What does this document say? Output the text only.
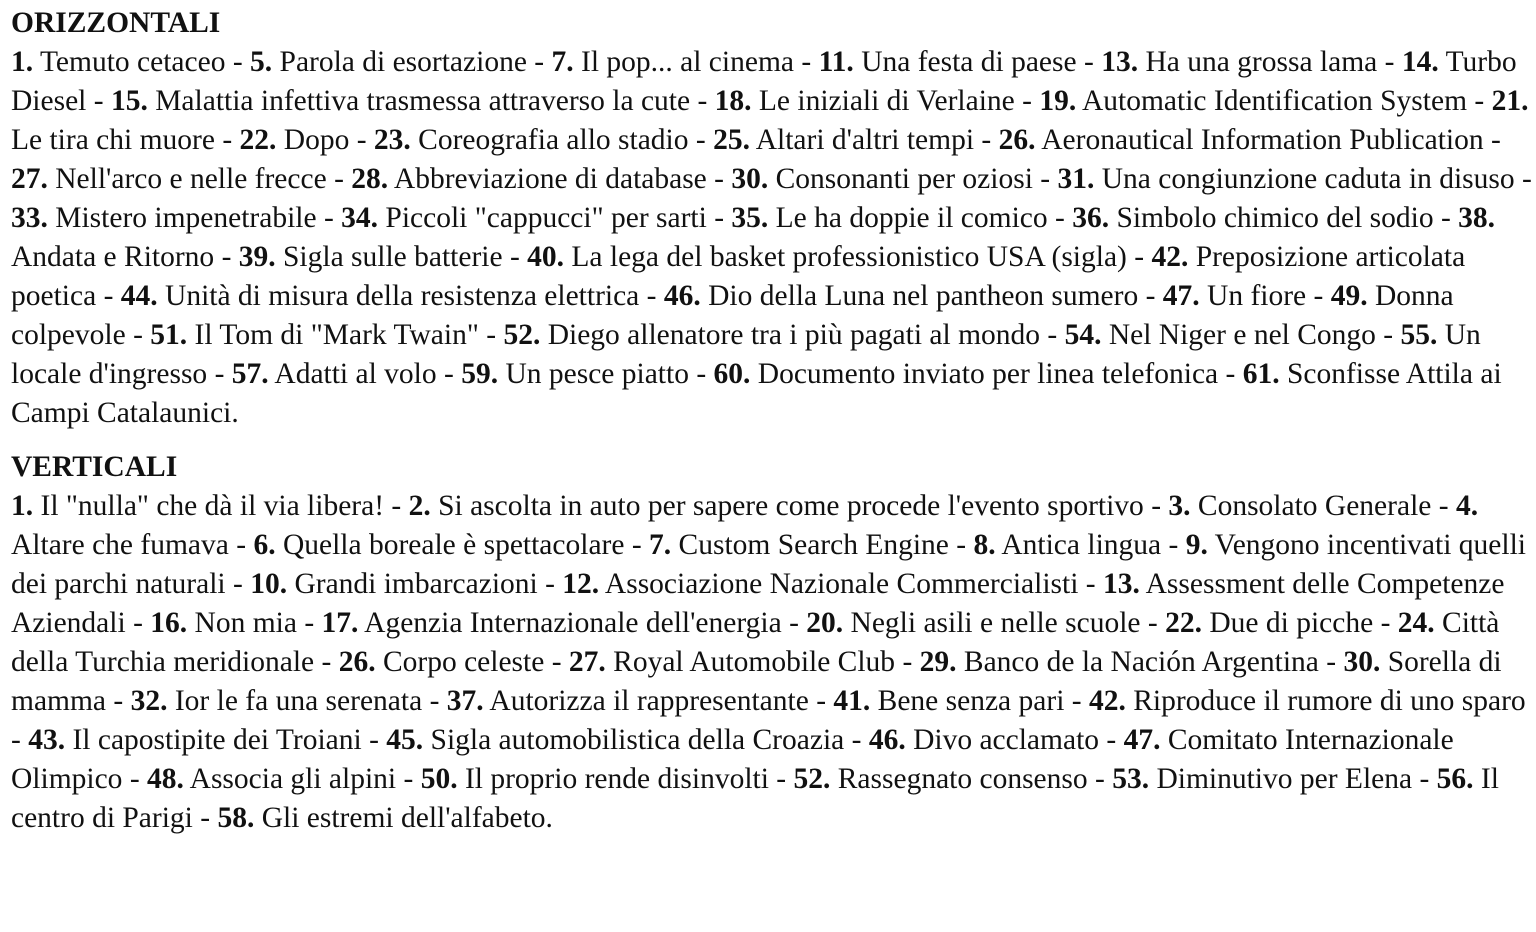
ORIZZONTALI
1. Temuto cetaceo - 5. Parola di esortazione - 7. Il pop... al cinema - 11. Una festa di paese - 13. Ha una grossa lama - 14. Turbo Diesel - 15. Malattia infettiva trasmessa attraverso la cute - 18. Le iniziali di Verlaine - 19. Automatic Identification System - 21. Le tira chi muore - 22. Dopo - 23. Coreografia allo stadio - 25. Altari d'altri tempi - 26. Aeronautical Information Publication - 27. Nell'arco e nelle frecce - 28. Abbreviazione di database - 30. Consonanti per oziosi - 31. Una congiunzione caduta in disuso - 33. Mistero impenetrabile - 34. Piccoli "cappucci" per sarti - 35. Le ha doppie il comico - 36. Simbolo chimico del sodio - 38. Andata e Ritorno - 39. Sigla sulle batterie - 40. La lega del basket professionistico USA (sigla) - 42. Preposizione articolata poetica - 44. Unità di misura della resistenza elettrica - 46. Dio della Luna nel pantheon sumero - 47. Un fiore - 49. Donna colpevole - 51. Il Tom di "Mark Twain" - 52. Diego allenatore tra i più pagati al mondo - 54. Nel Niger e nel Congo - 55. Un locale d'ingresso - 57. Adatti al volo - 59. Un pesce piatto - 60. Documento inviato per linea telefonica - 61. Sconfisse Attila ai Campi Catalaunici.
VERTICALI
1. Il "nulla" che dà il via libera! - 2. Si ascolta in auto per sapere come procede l'evento sportivo - 3. Consolato Generale - 4. Altare che fumava - 6. Quella boreale è spettacolare - 7. Custom Search Engine - 8. Antica lingua - 9. Vengono incentivati quelli dei parchi naturali - 10. Grandi imbarcazioni - 12. Associazione Nazionale Commercialisti - 13. Assessment delle Competenze Aziendali - 16. Non mia - 17. Agenzia Internazionale dell'energia - 20. Negli asili e nelle scuole - 22. Due di picche - 24. Città della Turchia meridionale - 26. Corpo celeste - 27. Royal Automobile Club - 29. Banco de la Nación Argentina - 30. Sorella di mamma - 32. Ior le fa una serenata - 37. Autorizza il rappresentante - 41. Bene senza pari - 42. Riproduce il rumore di uno sparo - 43. Il capostipite dei Troiani - 45. Sigla automobilistica della Croazia - 46. Divo acclamato - 47. Comitato Internazionale Olimpico - 48. Associa gli alpini - 50. Il proprio rende disinvolti - 52. Rassegnato consenso - 53. Diminutivo per Elena - 56. Il centro di Parigi - 58. Gli estremi dell'alfabeto.
